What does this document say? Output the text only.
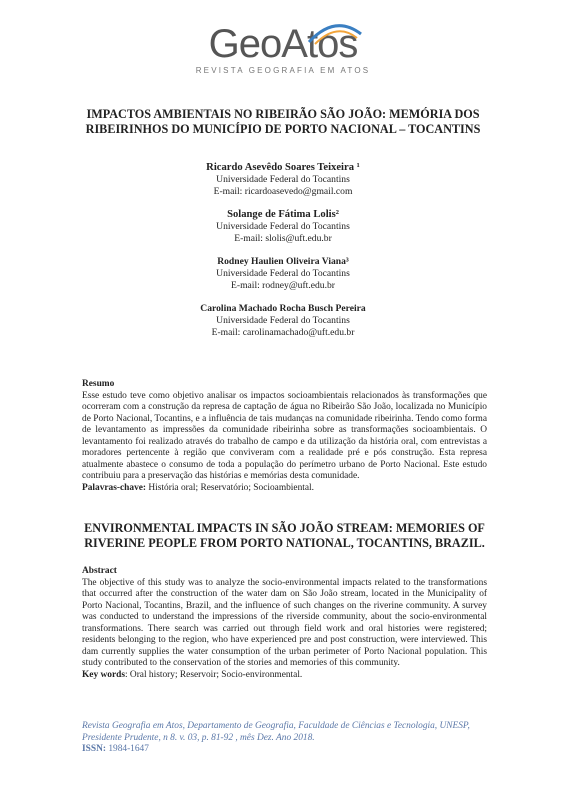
GeoAtos
REVISTA GEOGRAFIA EM ATOS
IMPACTOS AMBIENTAIS NO RIBEIRÃO SÃO JOÃO: MEMÓRIA DOS RIBEIRINHOS DO MUNICÍPIO DE PORTO NACIONAL – TOCANTINS
Ricardo Asevêdo Soares Teixeira ¹
Universidade Federal do Tocantins
E-mail: ricardoasevedo@gmail.com
Solange de Fátima Lolis²
Universidade Federal do Tocantins
E-mail: slolis@uft.edu.br
Rodney Haulien Oliveira Viana³
Universidade Federal do Tocantins
E-mail: rodney@uft.edu.br
Carolina Machado Rocha Busch Pereira
Universidade Federal do Tocantins
E-mail: carolinamachado@uft.edu.br
Resumo
Esse estudo teve como objetivo analisar os impactos socioambientais relacionados às transformações que ocorreram com a construção da represa de captação de água no Ribeirão São João, localizada no Município de Porto Nacional, Tocantins, e a influência de tais mudanças na comunidade ribeirinha. Tendo como forma de levantamento as impressões da comunidade ribeirinha sobre as transformações socioambientais. O levantamento foi realizado através do trabalho de campo e da utilização da história oral, com entrevistas a moradores pertencente à região que conviveram com a realidade pré e pós construção. Esta represa atualmente abastece o consumo de toda a população do perímetro urbano de Porto Nacional. Este estudo contribuiu para a preservação das histórias e memórias desta comunidade.
Palavras-chave: História oral; Reservatório; Socioambiental.
ENVIRONMENTAL IMPACTS IN SÃO JOÃO STREAM: MEMORIES OF RIVERINE PEOPLE FROM PORTO NATIONAL, TOCANTINS, BRAZIL.
Abstract
The objective of this study was to analyze the socio-environmental impacts related to the transformations that occurred after the construction of the water dam on São João stream, located in the Municipality of Porto Nacional, Tocantins, Brazil, and the influence of such changes on the riverine community. A survey was conducted to understand the impressions of the riverside community, about the socio-environmental transformations. There search was carried out through field work and oral histories were registered; residents belonging to the region, who have experienced pre and post construction, were interviewed. This dam currently supplies the water consumption of the urban perimeter of Porto Nacional population. This study contributed to the conservation of the stories and memories of this community.
Key words: Oral history; Reservoir; Socio-environmental.
Revista Geografia em Atos, Departamento de Geografia, Faculdade de Ciências e Tecnologia, UNESP, Presidente Prudente, n 8. v. 03, p. 81-92 , mês Dez. Ano 2018.
ISSN: 1984-1647
